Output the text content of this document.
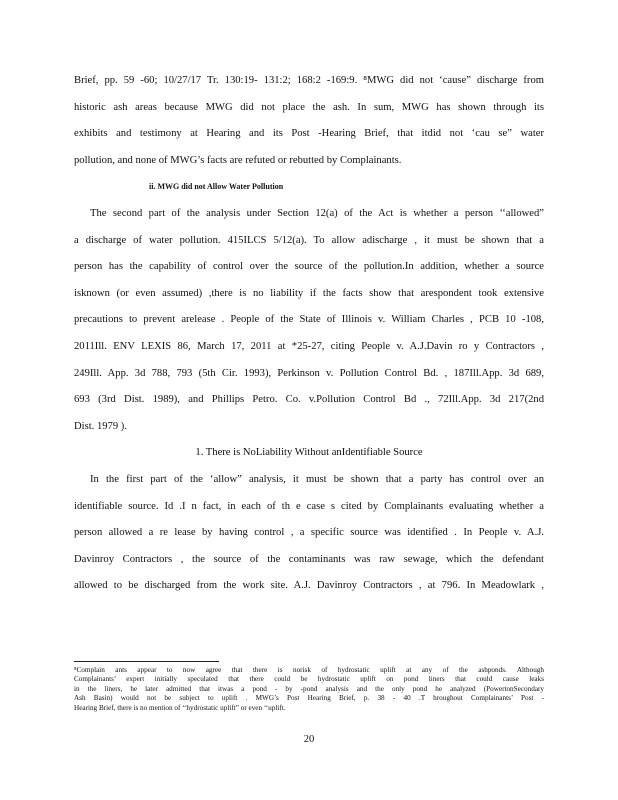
Brief, pp. 59 -60; 10/27/17 Tr. 130:19- 131:2; 168:2 -169:9. ⁸MWG did not ‘cause” discharge from
historic ash areas because MWG did not place the ash. In sum, MWG has shown through its
exhibits and testimony at Hearing and its Post -Hearing Brief, that itdid not ‘cau se” water
pollution, and none of MWG’s facts are refuted or rebutted by Complainants.
ii. MWG did not Allow Water Pollution
The second part of the analysis under Section 12(a) of the Act is whether a person ‘‘allowed”
a discharge of water pollution. 415ILCS 5/12(a). To allow adischarge , it must be shown that a
person has the capability of control over the source of the pollution.In addition, whether a source
isknown (or even assumed) ,there is no liability if the facts show that arespondent took extensive
precautions to prevent arelease . People of the State of Illinois v. William Charles , PCB 10 -108,
2011Ill. ENV LEXIS 86, March 17, 2011 at *25-27, citing People v. A.J.Davin ro y Contractors ,
249Ill. App. 3d 788, 793 (5th Cir. 1993), Perkinson v. Pollution Control Bd. , 187Ill.App. 3d 689,
693 (3rd Dist. 1989), and Phillips Petro. Co. v.Pollution Control Bd ., 72Ill.App. 3d 217(2nd
Dist. 1979 ).
1. There is NoLiability Without anIdentifiable Source
In the first part of the ‘allow” analysis, it must be shown that a party has control over an
identifiable source. Id .I n fact, in each of th e case s cited by Complainants evaluating whether a
person allowed a re lease by having control , a specific source was identified . In People v. A.J.
Davinroy Contractors , the source of the contaminants was raw sewage, which the defendant
allowed to be discharged from the work site. A.J. Davinroy Contractors , at 796. In Meadowlark ,
⁸Complain ants appear to now agree that there is norisk of hydrostatic uplift at any of the ashponds. Although
Complainants’ expert initially speculated that there could be hydrostatic uplift on pond liners that could cause leaks
in the liners, he later admitted that itwas a pond - by -pond analysis and the only pond he analyzed (PowertonSecondary
Ash Basin) would not be subject to uplift . MWG’s Post Hearing Brief, p. 38 - 40 .T hroughout Complainants’ Post -
Hearing Brief, there is no mention of ‘‘hydrostatic uplift” or even ‘‘uplift.
20
